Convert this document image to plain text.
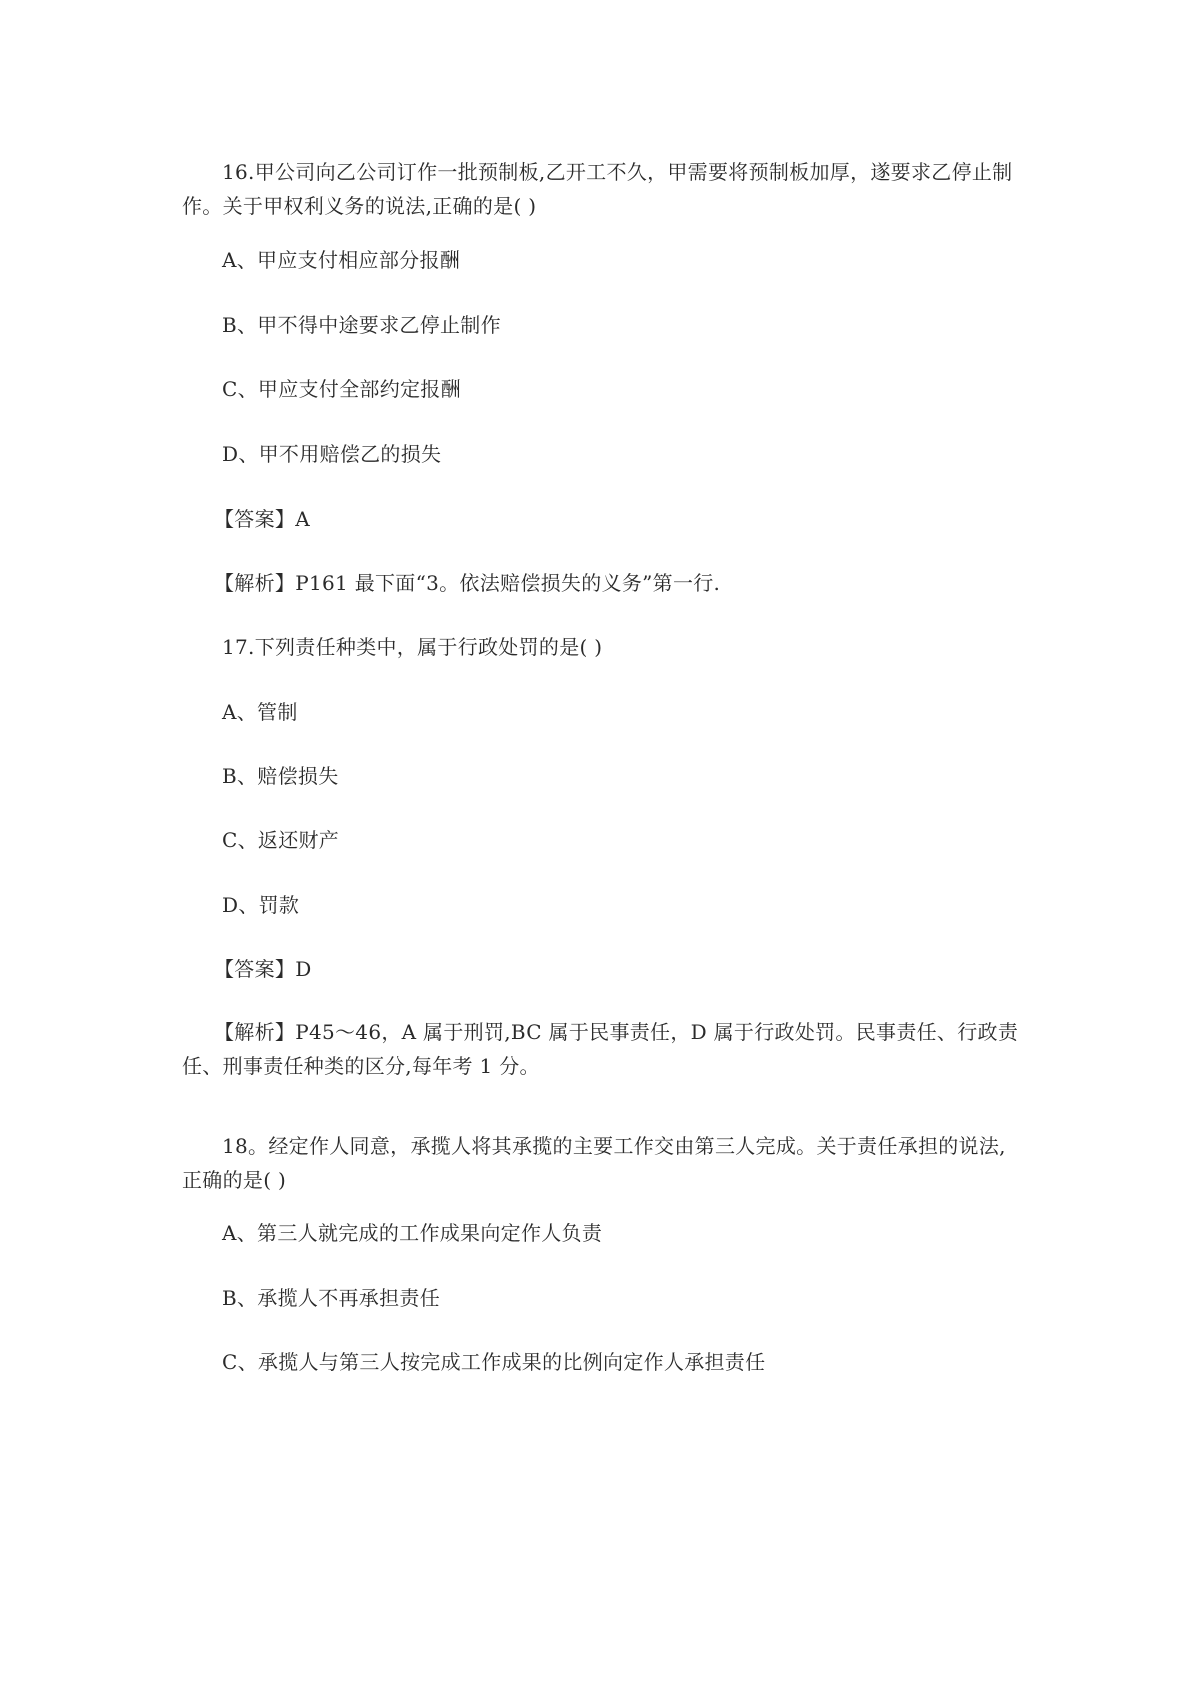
16.甲公司向乙公司订作一批预制板,乙开工不久，甲需要将预制板加厚，遂要求乙停止制作。关于甲权利义务的说法,正确的是( )

A、甲应支付相应部分报酬

B、甲不得中途要求乙停止制作

C、甲应支付全部约定报酬

D、甲不用赔偿乙的损失

【答案】A

【解析】P161 最下面“3。依法赔偿损失的义务”第一行.

17.下列责任种类中，属于行政处罚的是( )

A、管制

B、赔偿损失

C、返还财产

D、罚款

【答案】D

【解析】P45～46，A 属于刑罚,BC 属于民事责任，D 属于行政处罚。民事责任、行政责任、刑事责任种类的区分,每年考 1 分。

18。经定作人同意，承揽人将其承揽的主要工作交由第三人完成。关于责任承担的说法,正确的是( )

A、第三人就完成的工作成果向定作人负责

B、承揽人不再承担责任

C、承揽人与第三人按完成工作成果的比例向定作人承担责任
